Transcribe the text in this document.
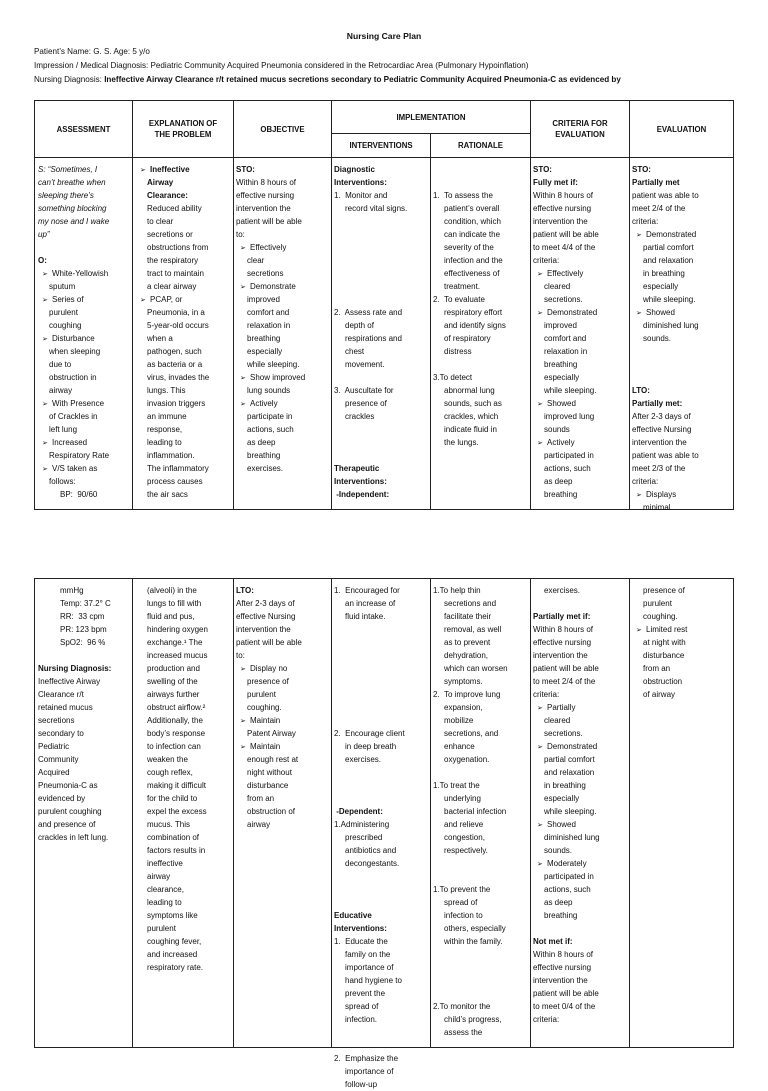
Nursing Care Plan
Patient’s Name: G. S. Age: 5 y/o
Impression / Medical Diagnosis: Pediatric Community Acquired Pneumonia considered in the Retrocardiac Area (Pulmonary Hypoinflation)
Nursing Diagnosis: Ineffective Airway Clearance r/t retained mucus secretions secondary to Pediatric Community Acquired Pneumonia-C as evidenced by
ASSESSMENT
EXPLANATION OF THE PROBLEM
OBJECTIVE
IMPLEMENTATION
INTERVENTIONS	RATIONALE
CRITERIA FOR EVALUATION
EVALUATION
S: “Sometimes, I
can’t breathe when
sleeping there’s
something blocking
my nose and I wake
up”
O:
➢ White-Yellowish
sputum
➢ Series of
purulent
coughing
➢ Disturbance
when sleeping
due to
obstruction in
airway
➢ With Presence
of Crackles in
left lung
➢ Increased
Respiratory Rate
➢ V/S taken as
follows:
BP:  90/60
➢ Ineffective
Airway
Clearance:
Reduced ability
to clear
secretions or
obstructions from
the respiratory
tract to maintain
a clear airway
➢ PCAP, or
Pneumonia, in a
5-year-old occurs
when a
pathogen, such
as bacteria or a
virus, invades the
lungs. This
invasion triggers
an immune
response,
leading to
inflammation.
The inflammatory
process causes
the air sacs
STO:
Within 8 hours of
effective nursing
intervention the
patient will be able
to:
➢ Effectively
clear
secretions
➢ Demonstrate
improved
comfort and
relaxation in
breathing
especially
while sleeping.
➢ Show improved
lung sounds
➢ Actively
participate in
actions, such
as deep
breathing
exercises.
Diagnostic
Interventions:
1.  Monitor and
record vital signs.
2.  Assess rate and
depth of
respirations and
chest
movement.
3.  Auscultate for
presence of
crackles
Therapeutic
Interventions:
-Independent:
1.  To assess the
patient’s overall
condition, which
can indicate the
severity of the
infection and the
effectiveness of
treatment.
2.  To evaluate
respiratory effort
and identify signs
of respiratory
distress
3.To detect
abnormal lung
sounds, such as
crackles, which
indicate fluid in
the lungs.
STO:
Fully met if:
Within 8 hours of
effective nursing
intervention the
patient will be able
to meet 4/4 of the
criteria:
➢ Effectively
cleared
secretions.
➢ Demonstrated
improved
comfort and
relaxation in
breathing
especially
while sleeping.
➢ Showed
improved lung
sounds
➢ Actively
participated in
actions, such
as deep
breathing
STO:
Partially met
patient was able to
meet 2/4 of the
criteria:
➢ Demonstrated
partial comfort
and relaxation
in breathing
especially
while sleeping.
➢ Showed
diminished lung
sounds.
LTO:
Partially met:
After 2-3 days of
effective Nursing
intervention the
patient was able to
meet 2/3 of the
criteria:
➢ Displays
minimal
mmHg
Temp: 37.2° C
RR:  33 cpm
PR: 123 bpm
SpO2:  96 %
Nursing Diagnosis:
Ineffective Airway
Clearance r/t
retained mucus
secretions
secondary to
Pediatric
Community
Acquired
Pneumonia-C as
evidenced by
purulent coughing
and presence of
crackles in left lung.
(alveoli) in the
lungs to fill with
fluid and pus,
hindering oxygen
exchange.¹ The
increased mucus
production and
swelling of the
airways further
obstruct airflow.²
Additionally, the
body’s response
to infection can
weaken the
cough reflex,
making it difficult
for the child to
expel the excess
mucus. This
combination of
factors results in
ineffective
airway
clearance,
leading to
symptoms like
purulent
coughing fever,
and increased
respiratory rate.
LTO:
After 2-3 days of
effective Nursing
intervention the
patient will be able
to:
➢ Display no
presence of
purulent
coughing.
➢ Maintain
Patent Airway
➢ Maintain
enough rest at
night without
disturbance
from an
obstruction of
airway
1.  Encouraged for
an increase of
fluid intake.
2.  Encourage client
in deep breath
exercises.
-Dependent:
1.Administering
prescribed
antibiotics and
decongestants.
Educative
Interventions:
1.  Educate the
family on the
importance of
hand hygiene to
prevent the
spread of
infection.
2.  Emphasize the
importance of
follow-up
1.To help thin
secretions and
facilitate their
removal, as well
as to prevent
dehydration,
which can worsen
symptoms.
2.  To improve lung
expansion,
mobilize
secretions, and
enhance
oxygenation.
1.To treat the
underlying
bacterial infection
and relieve
congestion,
respectively.
1.To prevent the
spread of
infection to
others, especially
within the family.
2.To monitor the
child’s progress,
assess the
exercises.
Partially met if:
Within 8 hours of
effective nursing
intervention the
patient will be able
to meet 2/4 of the
criteria:
➢ Partially
cleared
secretions.
➢ Demonstrated
partial comfort
and relaxation
in breathing
especially
while sleeping.
➢ Showed
diminished lung
sounds.
➢ Moderately
participated in
actions, such
as deep
breathing
Not met if:
Within 8 hours of
effective nursing
intervention the
patient will be able
to meet 0/4 of the
criteria:
presence of
purulent
coughing.
➢ Limited rest
at night with
disturbance
from an
obstruction
of airway
